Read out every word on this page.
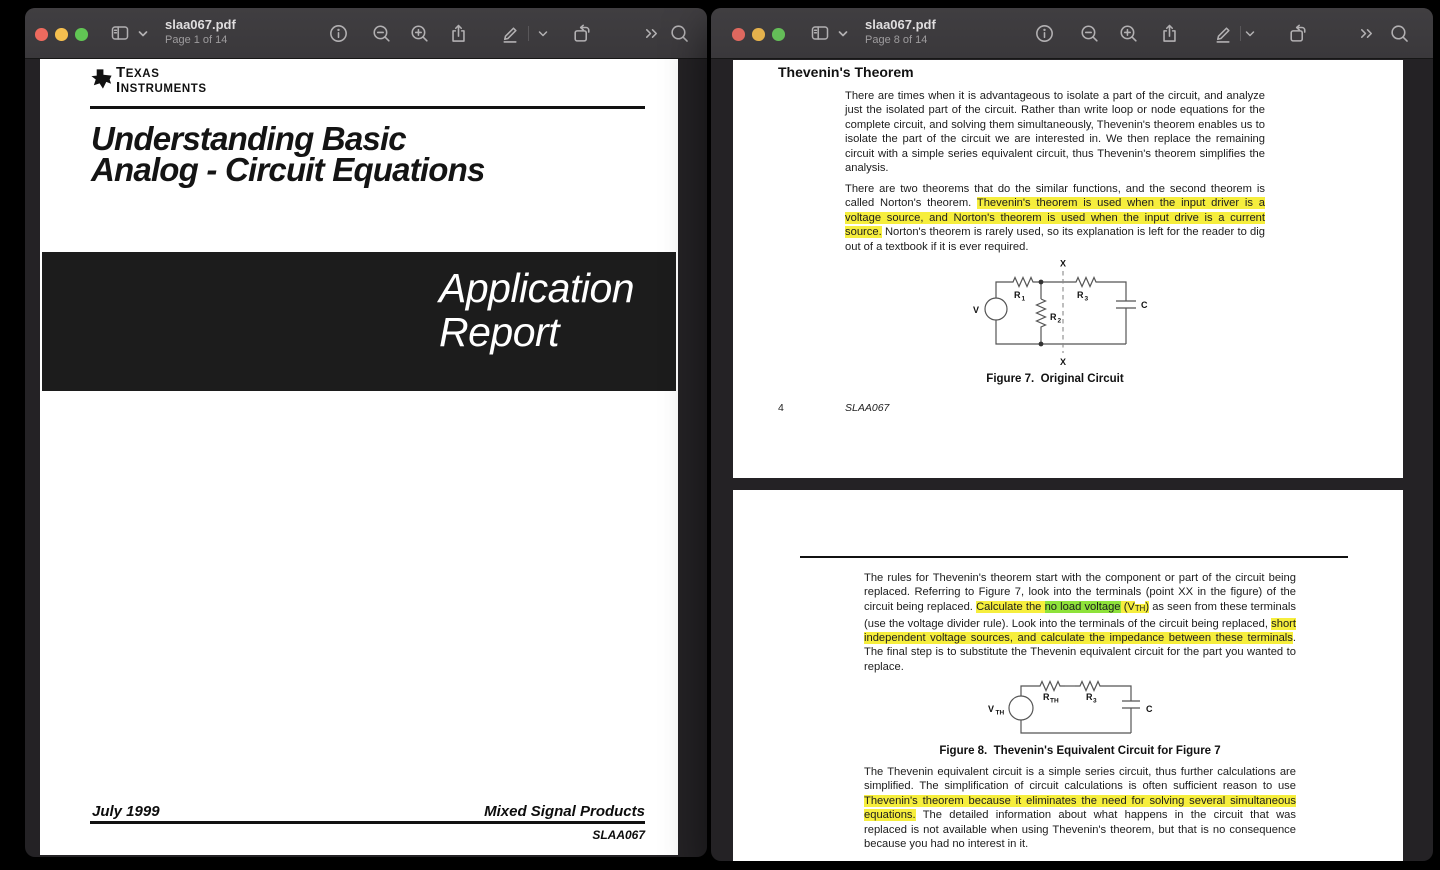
slaa067.pdf
Page 1 of 14
TEXAS
INSTRUMENTS
Understanding Basic
Analog - Circuit Equations
Application
Report
July 1999	Mixed Signal Products
SLAA067
slaa067.pdf
Page 8 of 14
Thevenin's Theorem
There are times when it is advantageous to isolate a part of the circuit, and analyze just the isolated part of the circuit. Rather than write loop or node equations for the complete circuit, and solving them simultaneously, Thevenin's theorem enables us to isolate the part of the circuit we are interested in. We then replace the remaining circuit with a simple series equivalent circuit, thus Thevenin's theorem simplifies the analysis.
There are two theorems that do the similar functions, and the second theorem is called Norton's theorem. Thevenin's theorem is used when the input driver is a voltage source, and Norton's theorem is used when the input drive is a current source. Norton's theorem is rarely used, so its explanation is left for the reader to dig out of a textbook if it is ever required.
V
R 1
R 2
R 3
C
X
X
Figure 7.  Original Circuit
4	SLAA067
The rules for Thevenin's theorem start with the component or part of the circuit being replaced. Referring to Figure 7, look into the terminals (point XX in the figure) of the circuit being replaced. Calculate the no load voltage (VTH) as seen from these terminals (use the voltage divider rule). Look into the terminals of the circuit being replaced, short independent voltage sources, and calculate the impedance between these terminals. The final step is to substitute the Thevenin equivalent circuit for the part you wanted to replace.
V TH
R TH	R 3
C
Figure 8.  Thevenin's Equivalent Circuit for Figure 7
The Thevenin equivalent circuit is a simple series circuit, thus further calculations are simplified. The simplification of circuit calculations is often sufficient reason to use Thevenin's theorem because it eliminates the need for solving several simultaneous equations. The detailed information about what happens in the circuit that was replaced is not available when using Thevenin's theorem, but that is no consequence because you had no interest in it.
